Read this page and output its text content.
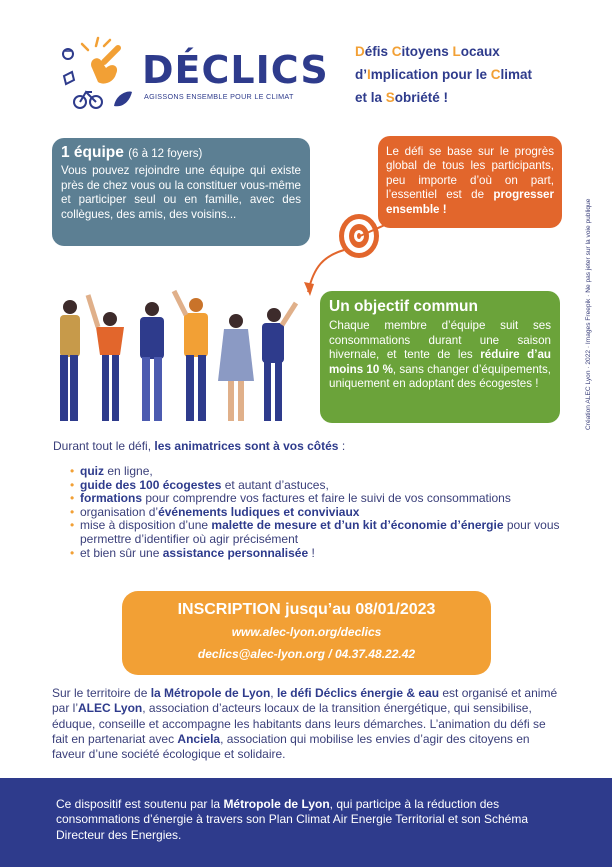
DÉCLICS
AGISSONS ENSEMBLE POUR LE CLIMAT
Défis Citoyens Locaux
d’Implication pour le Climat
et la Sobriété !
1 équipe (6 à 12 foyers)
Vous pouvez rejoindre une équipe qui existe près de chez vous ou la constituer vous-même et participer seul ou en famille, avec des collègues, des amis, des voisins...
Le défi se base sur le progrès global de tous les participants, peu importe d’où on part, l’essentiel est de progresser ensemble !
Un objectif commun
Chaque membre d’équipe suit ses consommations durant une saison hivernale, et tente de les réduire d’au moins 10 %, sans changer d’équipements, uniquement en adoptant des écogestes !
Durant tout le défi, les animatrices sont à vos côtés :
• quiz en ligne,
• guide des 100 écogestes et autant d’astuces,
• formations pour comprendre vos factures et faire le suivi de vos consommations
• organisation d’événements ludiques et conviviaux
• mise à disposition d’une malette de mesure et d’un kit d’économie d’énergie pour vous permettre d’identifier où agir précisément
• et bien sûr une assistance personnalisée !
INSCRIPTION jusqu’au 08/01/2023
www.alec-lyon.org/declics
declics@alec-lyon.org / 04.37.48.22.42
Sur le territoire de la Métropole de Lyon, le défi Déclics énergie & eau est organisé et animé par l’ALEC Lyon, association d’acteurs locaux de la transition énergétique, qui sensibilise, éduque, conseille et accompagne les habitants dans leurs démarches. L’animation du défi se fait en partenariat avec Anciela, association qui mobilise les envies d’agir des citoyens en faveur d’une société écologique et solidaire.
Ce dispositif est soutenu par la Métropole de Lyon, qui participe à la réduction des consommations d’énergie à travers son Plan Climat Air Energie Territorial et son Schéma Directeur des Energies.
Création ALEC Lyon · 2022 · Images Freepik · Ne pas jeter sur la voie publique
